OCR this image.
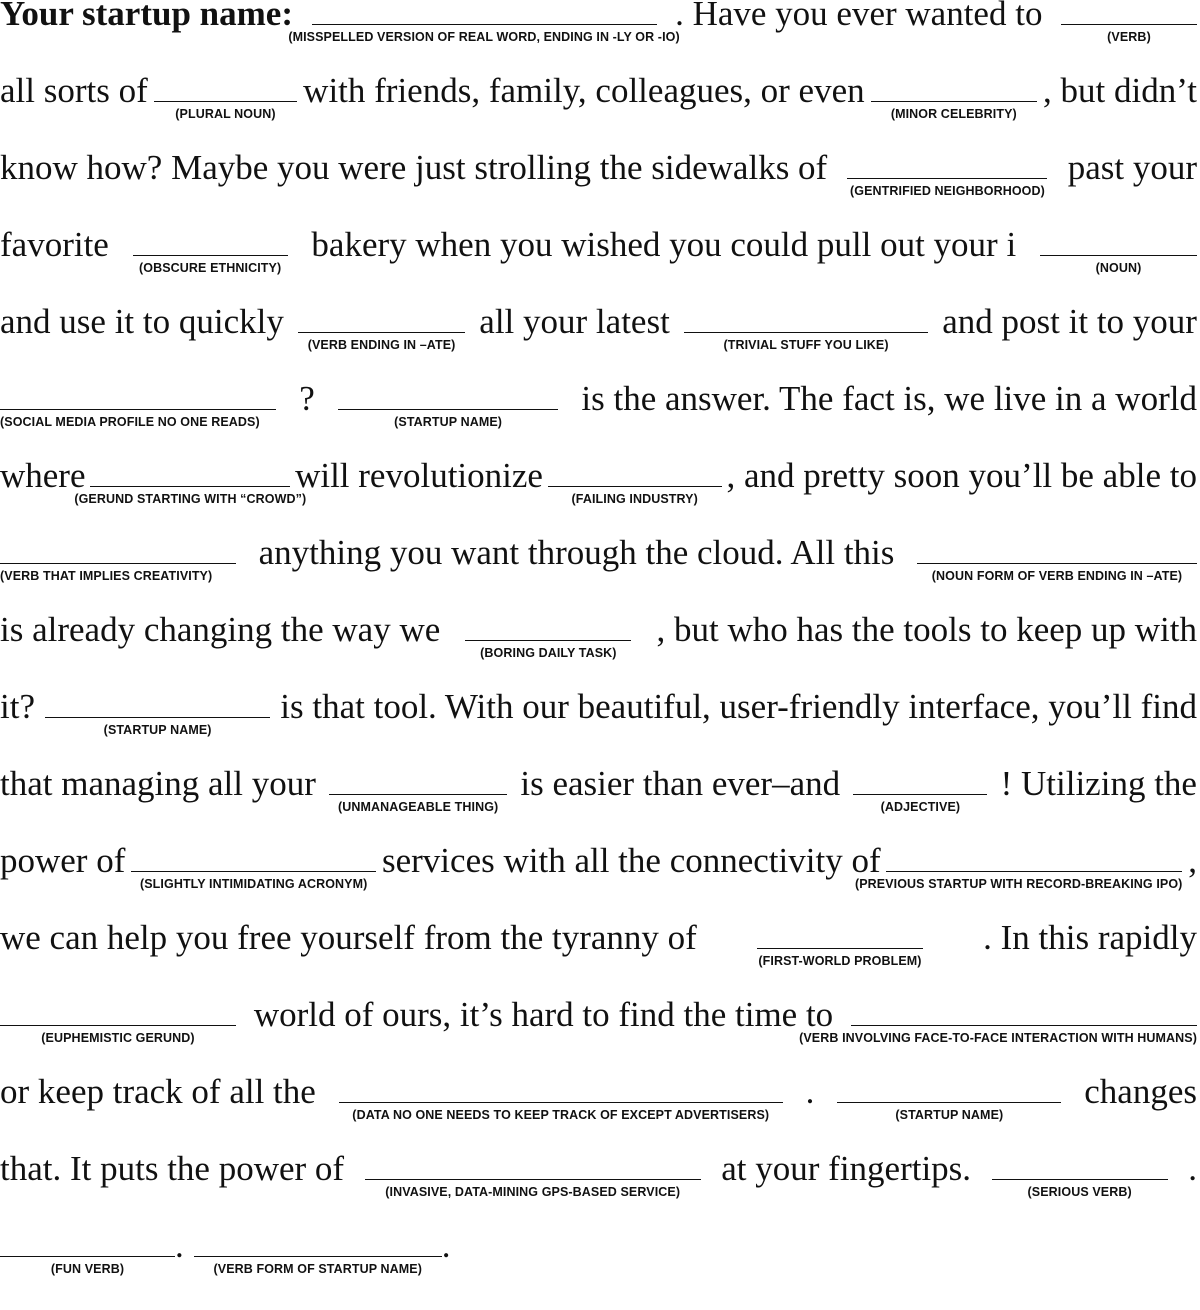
Your startup name:
(MISSPELLED VERSION OF REAL WORD, ENDING IN -LY OR -IO)
. Have you ever wanted to
(VERB)
all sorts of
(PLURAL NOUN)
with friends, family, colleagues, or even
(MINOR CELEBRITY)
, but didn’t
know how? Maybe you were just strolling the sidewalks of
(GENTRIFIED NEIGHBORHOOD)
past your
favorite
(OBSCURE ETHNICITY)
bakery when you wished you could pull out your i
(NOUN)
and use it to quickly
(VERB ENDING IN –ATE)
all your latest
(TRIVIAL STUFF YOU LIKE)
and post it to your
(SOCIAL MEDIA PROFILE NO ONE READS)
?
(STARTUP NAME)
is the answer. The fact is, we live in a world
where
(GERUND STARTING WITH “CROWD”)
will revolutionize
(FAILING INDUSTRY)
, and pretty soon you’ll be able to
(VERB THAT IMPLIES CREATIVITY)
anything you want through the cloud. All this
(NOUN FORM OF VERB ENDING IN –ATE)
is already changing the way we
(BORING DAILY TASK)
, but who has the tools to keep up with
it?
(STARTUP NAME)
is that tool. With our beautiful, user-friendly interface, you’ll find
that managing all your
(UNMANAGEABLE THING)
is easier than ever–and
(ADJECTIVE)
! Utilizing the
power of
(SLIGHTLY INTIMIDATING ACRONYM)
services with all the connectivity of
(PREVIOUS STARTUP WITH RECORD-BREAKING IPO)
,
we can help you free yourself from the tyranny of
(FIRST-WORLD PROBLEM)
. In this rapidly
(EUPHEMISTIC GERUND)
world of ours, it’s hard to find the time to
(VERB INVOLVING FACE-TO-FACE INTERACTION WITH HUMANS)
or keep track of all the
(DATA NO ONE NEEDS TO KEEP TRACK OF EXCEPT ADVERTISERS)
.
(STARTUP NAME)
changes
that. It puts the power of
(INVASIVE, DATA-MINING GPS-BASED SERVICE)
at your fingertips.
(SERIOUS VERB)
.
(FUN VERB)
.
(VERB FORM OF STARTUP NAME)
.
